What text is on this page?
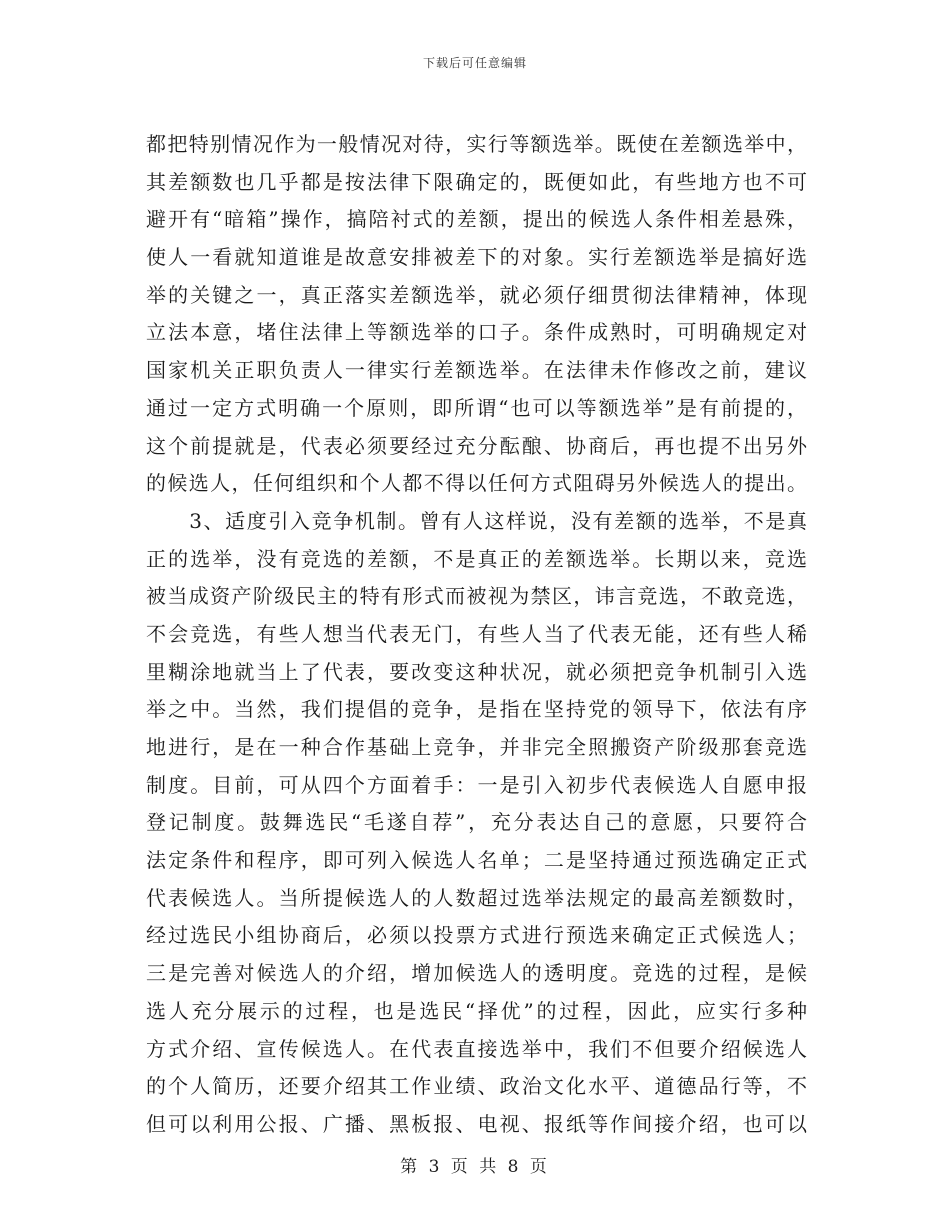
下载后可任意编辑
都把特别情况作为一般情况对待，实行等额选举。既使在差额选举中，
其差额数也几乎都是按法律下限确定的，既便如此，有些地方也不可
避开有“暗箱”操作，搞陪衬式的差额，提出的候选人条件相差悬殊，
使人一看就知道谁是故意安排被差下的对象。实行差额选举是搞好选
举的关键之一，真正落实差额选举，就必须仔细贯彻法律精神，体现
立法本意，堵住法律上等额选举的口子。条件成熟时，可明确规定对
国家机关正职负责人一律实行差额选举。在法律未作修改之前，建议
通过一定方式明确一个原则，即所谓“也可以等额选举”是有前提的，
这个前提就是，代表必须要经过充分酝酿、协商后，再也提不出另外
的候选人，任何组织和个人都不得以任何方式阻碍另外候选人的提出。
　　3、适度引入竞争机制。曾有人这样说，没有差额的选举，不是真
正的选举，没有竞选的差额，不是真正的差额选举。长期以来，竞选
被当成资产阶级民主的特有形式而被视为禁区，讳言竞选，不敢竞选，
不会竞选，有些人想当代表无门，有些人当了代表无能，还有些人稀
里糊涂地就当上了代表，要改变这种状况，就必须把竞争机制引入选
举之中。当然，我们提倡的竞争，是指在坚持党的领导下，依法有序
地进行，是在一种合作基础上竞争，并非完全照搬资产阶级那套竞选
制度。目前，可从四个方面着手：一是引入初步代表候选人自愿申报
登记制度。鼓舞选民“毛遂自荐”，充分表达自己的意愿，只要符合
法定条件和程序，即可列入候选人名单；二是坚持通过预选确定正式
代表候选人。当所提候选人的人数超过选举法规定的最高差额数时，
经过选民小组协商后，必须以投票方式进行预选来确定正式候选人；
三是完善对候选人的介绍，增加候选人的透明度。竞选的过程，是候
选人充分展示的过程，也是选民“择优”的过程，因此，应实行多种
方式介绍、宣传候选人。在代表直接选举中，我们不但要介绍候选人
的个人简历，还要介绍其工作业绩、政治文化水平、道德品行等，不
但可以利用公报、广播、黑板报、电视、报纸等作间接介绍，也可以
第 3 页 共 8 页
